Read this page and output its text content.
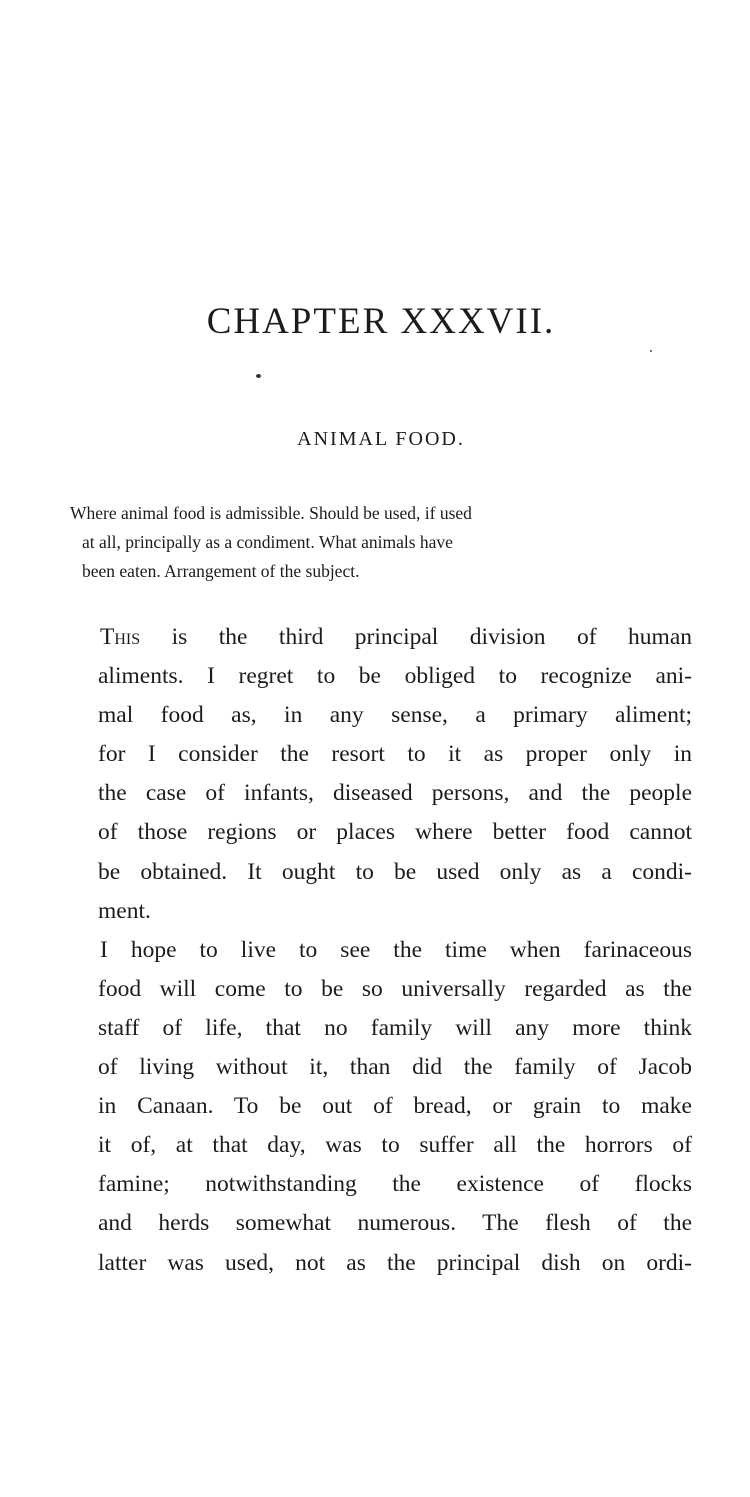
CHAPTER XXXVII.
ANIMAL FOOD.
Where animal food is admissible. Should be used, if used
at all, principally as a condiment. What animals have
been eaten. Arrangement of the subject.
This is the third principal division of human
aliments. I regret to be obliged to recognize ani-
mal food as, in any sense, a primary aliment;
for I consider the resort to it as proper only in
the case of infants, diseased persons, and the people
of those regions or places where better food cannot
be obtained. It ought to be used only as a condi-
ment.
I hope to live to see the time when farinaceous
food will come to be so universally regarded as the
staff of life, that no family will any more think
of living without it, than did the family of Jacob
in Canaan. To be out of bread, or grain to make
it of, at that day, was to suffer all the horrors of
famine; notwithstanding the existence of flocks
and herds somewhat numerous. The flesh of the
latter was used, not as the principal dish on ordi-
